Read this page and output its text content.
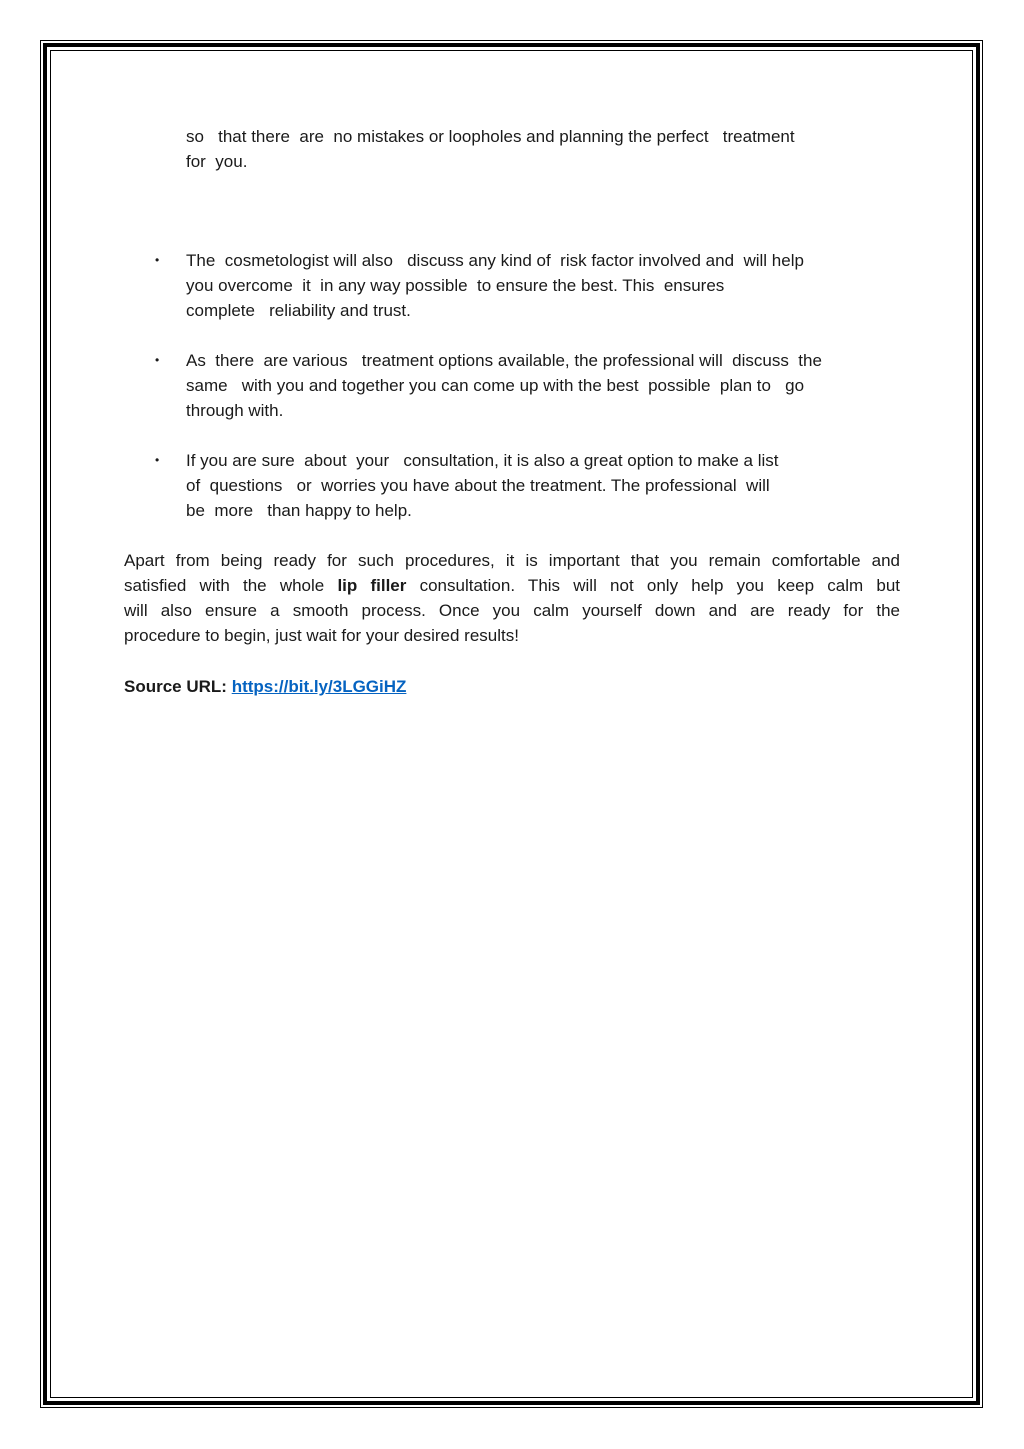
so   that there  are  no mistakes or loopholes and planning the perfect   treatment

for  you.

• The  cosmetologist will also   discuss any kind of  risk factor involved and  will help

you overcome  it  in any way possible  to ensure the best. This  ensures

complete   reliability and trust.

• As  there  are various   treatment options available, the professional will  discuss  the

same   with you and together you can come up with the best  possible  plan to   go

through with.

• If you are sure  about  your   consultation, it is also a great option to make a list

of  questions   or  worries you have about the treatment. The professional  will

be  more   than happy to help.

Apart from being ready for such procedures, it is important that you remain comfortable and

satisfied with the whole lip filler consultation. This will not only help you keep calm but

will also ensure a smooth process. Once you calm yourself down and are ready for the

procedure to begin, just wait for your desired results!

Source URL: https://bit.ly/3LGGiHZ
